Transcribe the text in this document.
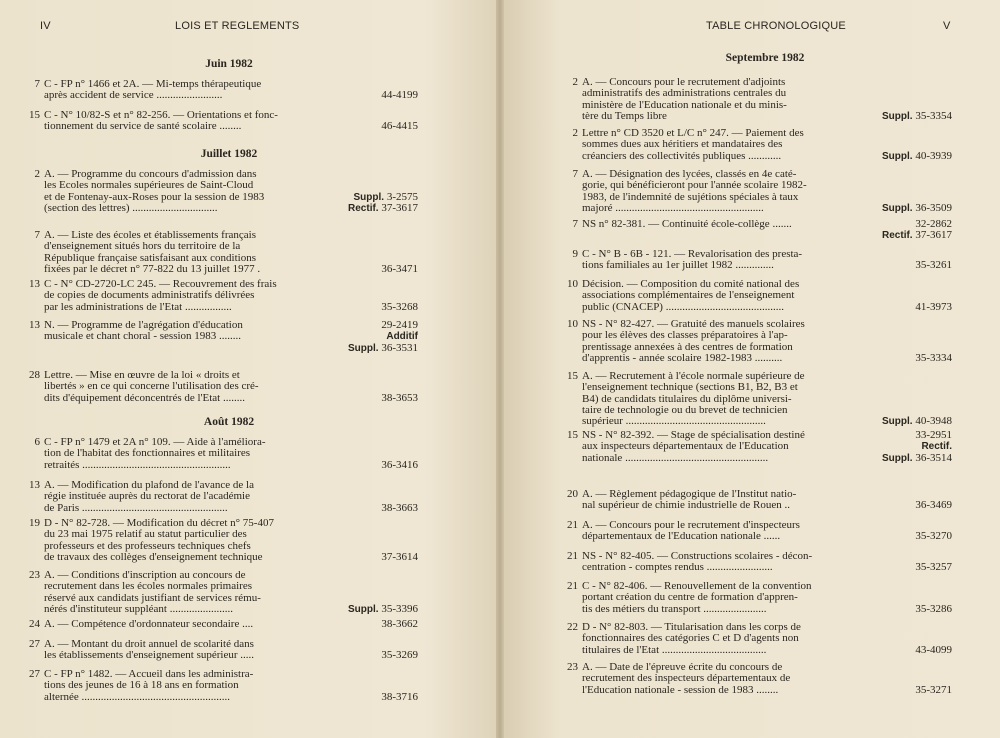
IV	LOIS ET REGLEMENTS
Juin 1982
7 C - FP n° 1466 et 2A. — Mi-temps thérapeutique
après accident de service ........................	44-4199
15 C - N° 10/82-S et n° 82-256. — Orientations et fonc-
tionnement du service de santé scolaire ........	46-4415
Juillet 1982
2 A. — Programme du concours d'admission dans
les Ecoles normales supérieures de Saint-Cloud
et de Fontenay-aux-Roses pour la session de 1983
(section des lettres) ...............................
Suppl. 3-2575
Rectif. 37-3617
7 A. — Liste des écoles et établissements français
d'enseignement situés hors du territoire de la
République française satisfaisant aux conditions
fixées par le décret n° 77-822 du 13 juillet 1977 .	36-3471
13 C - N° CD-2720-LC 245. — Recouvrement des frais
de copies de documents administratifs délivrées
par les administrations de l'Etat .................	35-3268
13 N. — Programme de l'agrégation d'éducation
musicale et chant choral - session 1983 ........
29-2419
Additif
Suppl. 36-3531
28 Lettre. — Mise en œuvre de la loi « droits et
libertés » en ce qui concerne l'utilisation des cré-
dits d'équipement déconcentrés de l'Etat ........	38-3653
Août 1982
6 C - FP n° 1479 et 2A n° 109. — Aide à l'améliora-
tion de l'habitat des fonctionnaires et militaires
retraités ......................................................	36-3416
13 A. — Modification du plafond de l'avance de la
régie instituée auprès du rectorat de l'académie
de Paris .....................................................	38-3663
19 D - N° 82-728. — Modification du décret n° 75-407
du 23 mai 1975 relatif au statut particulier des
professeurs et des professeurs techniques chefs
de travaux des collèges d'enseignement technique	37-3614
23 A. — Conditions d'inscription au concours de
recrutement dans les écoles normales primaires
réservé aux candidats justifiant de services rému-
nérés d'instituteur suppléant .......................	Suppl. 35-3396
24 A. — Compétence d'ordonnateur secondaire ....	38-3662
27 A. — Montant du droit annuel de scolarité dans
les établissements d'enseignement supérieur .....	35-3269
27 C - FP n° 1482. — Accueil dans les administra-
tions des jeunes de 16 à 18 ans en formation
alternée ......................................................	38-3716
TABLE CHRONOLOGIQUE	V
Septembre 1982
2 A. — Concours pour le recrutement d'adjoints
administratifs des administrations centrales du
ministère de l'Education nationale et du minis-
tère du Temps libre	Suppl. 35-3354
2 Lettre n° CD 3520 et L/C n° 247. — Paiement des
sommes dues aux héritiers et mandataires des
créanciers des collectivités publiques ............	Suppl. 40-3939
7 A. — Désignation des lycées, classés en 4e caté-
gorie, qui bénéficieront pour l'année scolaire 1982-
1983, de l'indemnité de sujétions spéciales à taux
majoré ......................................................	Suppl. 36-3509
7 NS n° 82-381. — Continuité école-collège .......	32-2862
Rectif. 37-3617
9 C - N° B - 6B - 121. — Revalorisation des presta-
tions familiales au 1er juillet 1982 ..............	35-3261
10 Décision. — Composition du comité national des
associations complémentaires de l'enseignement
public (CNACEP) ...........................................	41-3973
10 NS - N° 82-427. — Gratuité des manuels scolaires
pour les élèves des classes préparatoires à l'ap-
prentissage annexées à des centres de formation
d'apprentis - année scolaire 1982-1983 ..........	35-3334
15 A. — Recrutement à l'école normale supérieure de
l'enseignement technique (sections B1, B2, B3 et
B4) de candidats titulaires du diplôme universi-
taire de technologie ou du brevet de technicien
supérieur ...................................................	Suppl. 40-3948
15 NS - N° 82-392. — Stage de spécialisation destiné
aux inspecteurs départementaux de l'Education
nationale ....................................................
33-2951
Rectif.
Suppl. 36-3514
20 A. — Règlement pédagogique de l'Institut natio-
nal supérieur de chimie industrielle de Rouen ..	36-3469
21 A. — Concours pour le recrutement d'inspecteurs
départementaux de l'Education nationale ......	35-3270
21 NS - N° 82-405. — Constructions scolaires - décon-
centration - comptes rendus ........................	35-3257
21 C - N° 82-406. — Renouvellement de la convention
portant création du centre de formation d'appren-
tis des métiers du transport .......................	35-3286
22 D - N° 82-803. — Titularisation dans les corps de
fonctionnaires des catégories C et D d'agents non
titulaires de l'Etat ......................................	43-4099
23 A. — Date de l'épreuve écrite du concours de
recrutement des inspecteurs départementaux de
l'Education nationale - session de 1983 ........	35-3271
